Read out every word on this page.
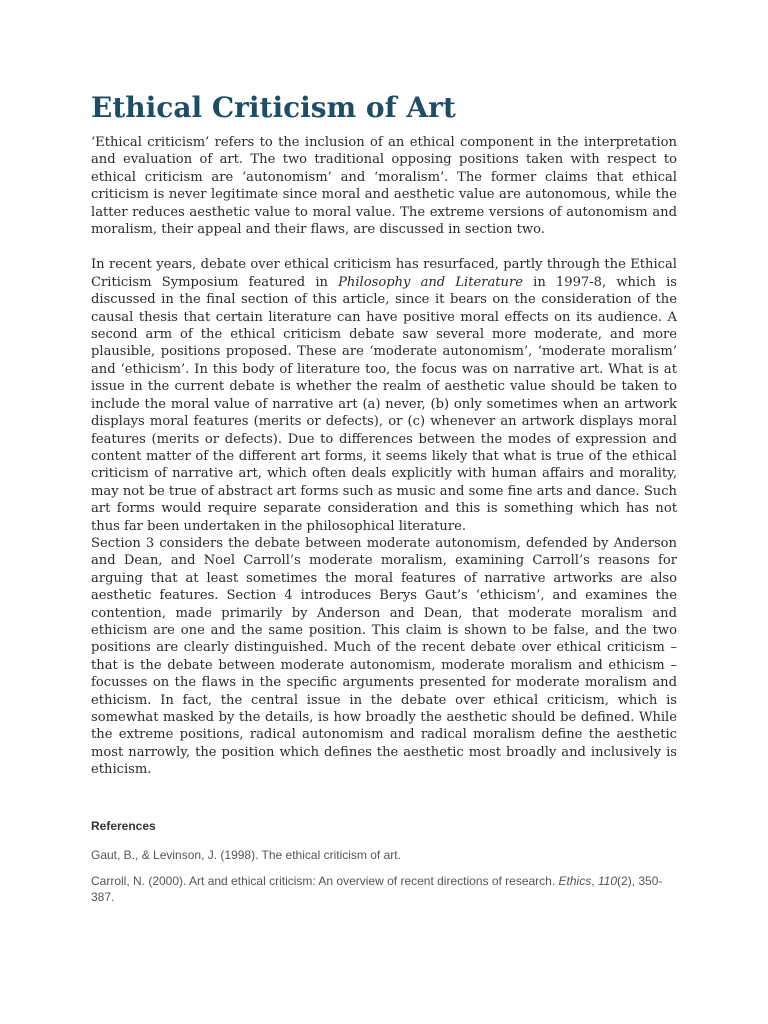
Ethical Criticism of Art

‘Ethical criticism’ refers to the inclusion of an ethical component in the interpretation and evaluation of art. The two traditional opposing positions taken with respect to ethical criticism are ‘autonomism’ and ‘moralism’. The former claims that ethical criticism is never legitimate since moral and aesthetic value are autonomous, while the latter reduces aesthetic value to moral value. The extreme versions of autonomism and moralism, their appeal and their flaws, are discussed in section two.

In recent years, debate over ethical criticism has resurfaced, partly through the Ethical Criticism Symposium featured in Philosophy and Literature in 1997-8, which is discussed in the final section of this article, since it bears on the consideration of the causal thesis that certain literature can have positive moral effects on its audience. A second arm of the ethical criticism debate saw several more moderate, and more plausible, positions proposed. These are ‘moderate autonomism’, ‘moderate moralism’ and ‘ethicism’. In this body of literature too, the focus was on narrative art. What is at issue in the current debate is whether the realm of aesthetic value should be taken to include the moral value of narrative art (a) never, (b) only sometimes when an artwork displays moral features (merits or defects), or (c) whenever an artwork displays moral features (merits or defects). Due to differences between the modes of expression and content matter of the different art forms, it seems likely that what is true of the ethical criticism of narrative art, which often deals explicitly with human affairs and morality, may not be true of abstract art forms such as music and some fine arts and dance. Such art forms would require separate consideration and this is something which has not thus far been undertaken in the philosophical literature.

Section 3 considers the debate between moderate autonomism, defended by Anderson and Dean, and Noel Carroll’s moderate moralism, examining Carroll’s reasons for arguing that at least sometimes the moral features of narrative artworks are also aesthetic features. Section 4 introduces Berys Gaut’s ‘ethicism’, and examines the contention, made primarily by Anderson and Dean, that moderate moralism and ethicism are one and the same position. This claim is shown to be false, and the two positions are clearly distinguished. Much of the recent debate over ethical criticism – that is the debate between moderate autonomism, moderate moralism and ethicism – focusses on the flaws in the specific arguments presented for moderate moralism and ethicism. In fact, the central issue in the debate over ethical criticism, which is somewhat masked by the details, is how broadly the aesthetic should be defined. While the extreme positions, radical autonomism and radical moralism define the aesthetic most narrowly, the position which defines the aesthetic most broadly and inclusively is ethicism.

References
Gaut, B., & Levinson, J. (1998). The ethical criticism of art.
Carroll, N. (2000). Art and ethical criticism: An overview of recent directions of research. Ethics, 110(2), 350-387.
